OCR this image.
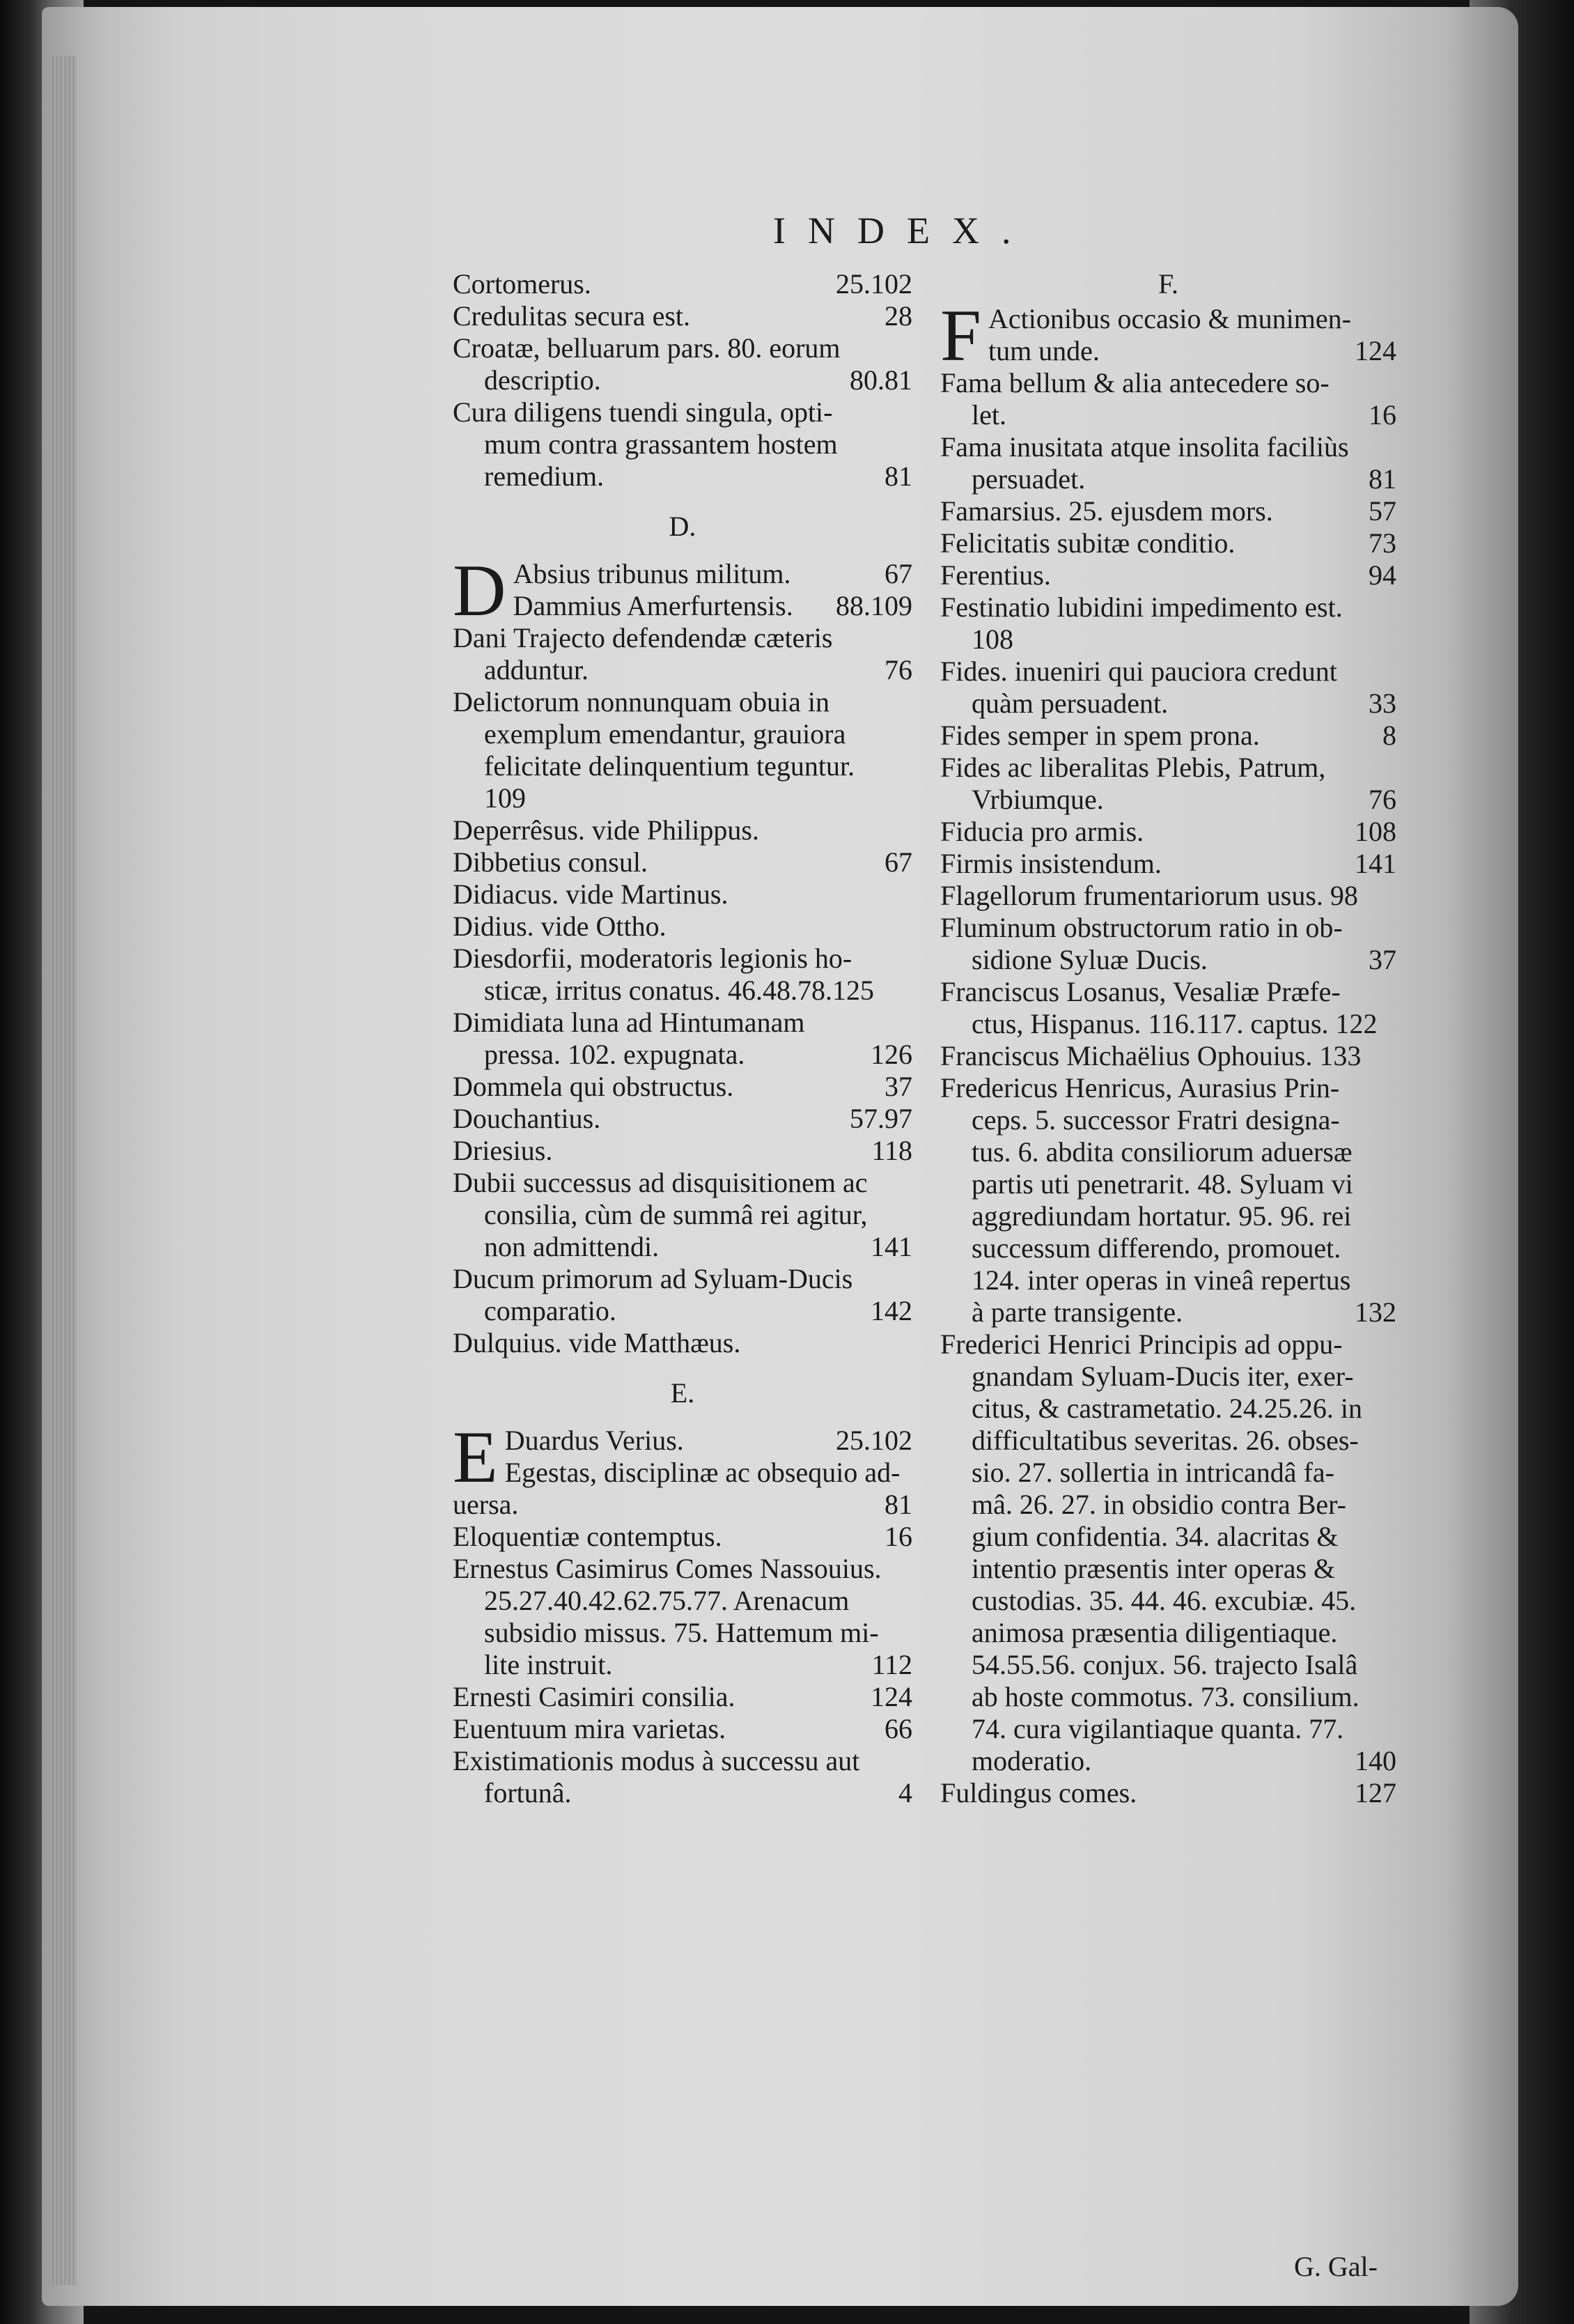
INDEX.
Cortomerus.	25.102
Credulitas secura est.	28
Croatæ, belluarum pars. 80. eorum
descriptio.	80.81
Cura diligens tuendi singula, opti-
mum contra grassantem hostem
remedium.	81
D.
D Absius tribunus militum.	67
Dammius Amerfurtensis. 88.109
Dani Trajecto defendendæ cæteris
adduntur.	76
Delictorum nonnunquam obuia in
exemplum emendantur, grauiora
felicitate delinquentium teguntur.
109
Deperrêsus. vide Philippus.
Dibbetius consul.	67
Didiacus. vide Martinus.
Didius. vide Ottho.
Diesdorfii, moderatoris legionis ho-
sticæ, irritus conatus. 46.48.78.125
Dimidiata luna ad Hintumanam
pressa. 102. expugnata.	126
Dommela qui obstructus.	37
Douchantius.	57.97
Driesius.	118
Dubii successus ad disquisitionem ac
consilia, cùm de summâ rei agitur,
non admittendi.	141
Ducum primorum ad Syluam-Ducis
comparatio.	142
Dulquius. vide Matthæus.
E.
E Duardus Verius.	25.102
Egestas, disciplinæ ac obsequio ad-
uersa.	81
Eloquentiæ contemptus.	16
Ernestus Casimirus Comes Nassouius.
25.27.40.42.62.75.77. Arenacum
subsidio missus. 75. Hattemum mi-
lite instruit.	112
Ernesti Casimiri consilia.	124
Euentuum mira varietas.	66
Existimationis modus à successu aut
fortunâ.	4
F.
F Actionibus occasio & munimen-
tum unde.	124
Fama bellum & alia antecedere so-
let.	16
Fama inusitata atque insolita faciliùs
persuadet.	81
Famarsius. 25. ejusdem mors.	57
Felicitatis subitæ conditio.	73
Ferentius.	94
Festinatio lubidini impedimento est.
108
Fides. inueniri qui pauciora credunt
quàm persuadent.	33
Fides semper in spem prona.	8
Fides ac liberalitas Plebis, Patrum,
Vrbiumque.	76
Fiducia pro armis.	108
Firmis insistendum.	141
Flagellorum frumentariorum usus. 98
Fluminum obstructorum ratio in ob-
sidione Syluæ Ducis.	37
Franciscus Losanus, Vesaliæ Præfe-
ctus, Hispanus. 116.117. captus. 122
Franciscus Michaëlius Ophouius. 133
Fredericus Henricus, Aurasius Prin-
ceps. 5. successor Fratri designa-
tus. 6. abdita consiliorum aduersæ
partis uti penetrarit. 48. Syluam vi
aggrediundam hortatur. 95. 96. rei
successum differendo, promouet.
124. inter operas in vineâ repertus
à parte transigente.	132
Frederici Henrici Principis ad oppu-
gnandam Syluam-Ducis iter, exer-
citus, & castrametatio. 24.25.26. in
difficultatibus severitas. 26. obses-
sio. 27. sollertia in intricandâ fa-
mâ. 26. 27. in obsidio contra Ber-
gium confidentia. 34. alacritas &
intentio præsentis inter operas &
custodias. 35. 44. 46. excubiæ. 45.
animosa præsentia diligentiaque.
54.55.56. conjux. 56. trajecto Isalâ
ab hoste commotus. 73. consilium.
74. cura vigilantiaque quanta. 77.
moderatio.	140
Fuldingus comes.	127
G. Gal-
